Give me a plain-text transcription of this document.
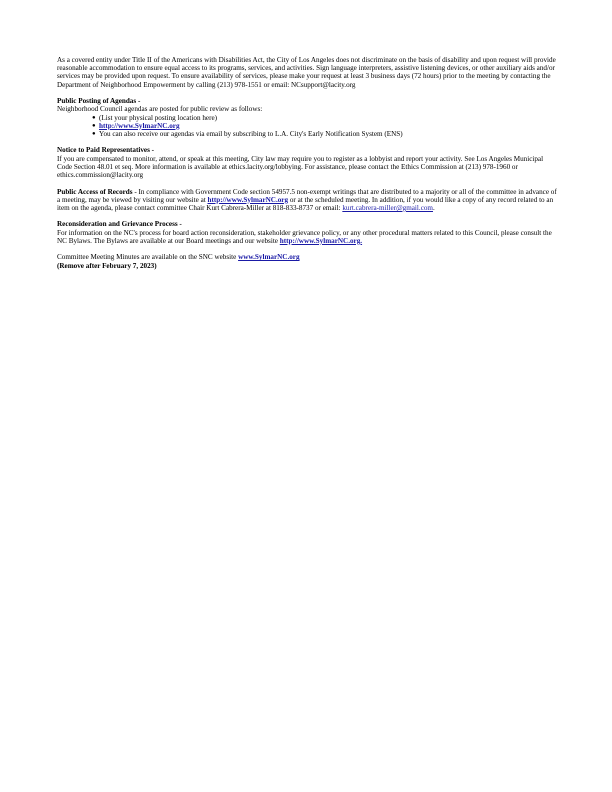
As a covered entity under Title II of the Americans with Disabilities Act, the City of Los Angeles does not discriminate on the basis of disability and upon request will provide reasonable accommodation to ensure equal access to its programs, services, and activities. Sign language interpreters, assistive listening devices, or other auxiliary aids and/or services may be provided upon request. To ensure availability of services, please make your request at least 3 business days (72 hours) prior to the meeting by contacting the Department of Neighborhood Empowerment by calling (213) 978-1551 or email: NCsupport@lacity.org

Public Posting of Agendas -
Neighborhood Council agendas are posted for public review as follows:
● (List your physical posting location here)
● http://www.SylmarNC.org
● You can also receive our agendas via email by subscribing to L.A. City's Early Notification System (ENS)
Notice to Paid Representatives -
If you are compensated to monitor, attend, or speak at this meeting, City law may require you to register as a lobbyist and report your activity. See Los Angeles Municipal Code Section 48.01 et seq. More information is available at ethics.lacity.org/lobbying. For assistance, please contact the Ethics Commission at (213) 978-1960 or ethics.commission@lacity.org
Public Access of Records - In compliance with Government Code section 54957.5 non-exempt writings that are distributed to a majority or all of the committee in advance of a meeting, may be viewed by visiting our website at http://www.SylmarNC.org or at the scheduled meeting. In addition, if you would like a copy of any record related to an item on the agenda, please contact committee Chair Kurt Cabrera-Miller at 818-833-8737 or email: kurt.cabrera-miller@gmail.com.
Reconsideration and Grievance Process -
For information on the NC's process for board action reconsideration, stakeholder grievance policy, or any other procedural matters related to this Council, please consult the NC Bylaws. The Bylaws are available at our Board meetings and our website http://www.SylmarNC.org.
Committee Meeting Minutes are available on the SNC website www.SylmarNC.org
(Remove after February 7, 2023)
